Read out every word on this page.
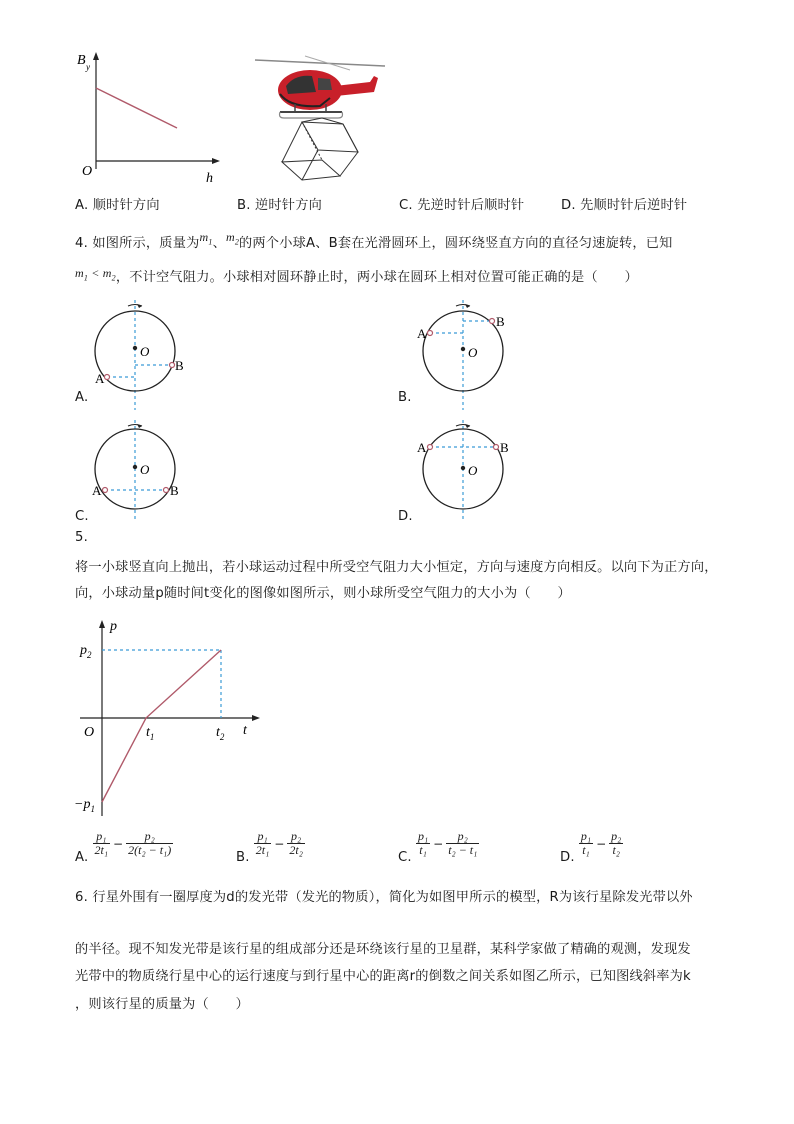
B y
O	h
A. 顺时针方向	B. 逆时针方向	C. 先逆时针后顺时针	D. 先顺时针后逆时针
4. 如图所示，质量为$m_1$、$m_2$的两个小球A、B套在光滑圆环上，圆环绕竖直方向的直径匀速旋转，已知
$m_1 < m_2$，不计空气阻力。小球相对圆环静止时，两小球在圆环上相对位置可能正确的是（　　）
O
A
B
A.
O
A
B
B.
O
A	B
C.
O
A	B
D.
5.
将一小球竖直向上抛出，若小球运动过程中所受空气阻力大小恒定，方向与速度方向相反。以向下为正方向，
向，小球动量p随时间t变化的图像如图所示，则小球所受空气阻力的大小为（　　）
p
$p_2$
O	$t_1$	$t_2$ t
$-p_1$
A.
$\frac{\text{p₁}}{\text{2t₁}} - \frac{\text{p₂}}{\text{2(t₂ − t₁)}}$
B.
$\frac{\text{p₁}}{\text{2t₁}} - \frac{\text{p₂}}{\text{2t₂}}$
C.
$\frac{\text{p₁}}{\text{t₁}} - \frac{\text{p₂}}{\text{t₂ − t₁}}$
D.
$\frac{\text{p₁}}{\text{t₁}} - \frac{\text{p₂}}{\text{t₂}}$
6. 行星外围有一圈厚度为d的发光带（发光的物质），简化为如图甲所示的模型，R为该行星除发光带以外
的半径。现不知发光带是该行星的组成部分还是环绕该行星的卫星群，某科学家做了精确的观测，发现发
光带中的物质绕行星中心的运行速度与到行星中心的距离r的倒数之间关系如图乙所示，已知图线斜率为k
，则该行星的质量为（　　）
